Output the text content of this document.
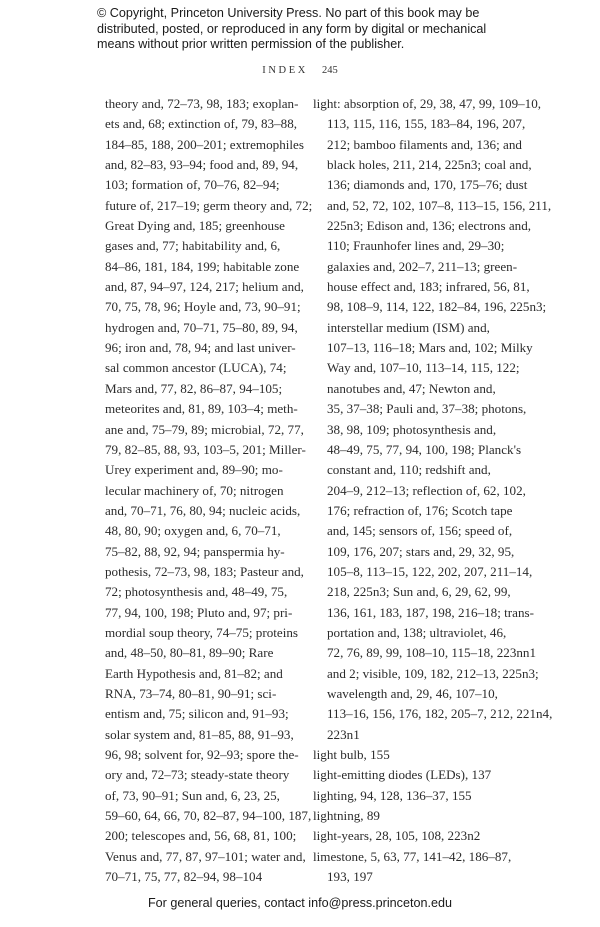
© Copyright, Princeton University Press. No part of this book may be
distributed, posted, or reproduced in any form by digital or mechanical
means without prior written permission of the publisher.
INDEX 245
theory and, 72–73, 98, 183; exoplan-
ets and, 68; extinction of, 79, 83–88,
184–85, 188, 200–201; extremophiles
and, 82–83, 93–94; food and, 89, 94,
103; formation of, 70–76, 82–94;
future of, 217–19; germ theory and, 72;
Great Dying and, 185; greenhouse
gases and, 77; habitability and, 6,
84–86, 181, 184, 199; habitable zone
and, 87, 94–97, 124, 217; helium and,
70, 75, 78, 96; Hoyle and, 73, 90–91;
hydrogen and, 70–71, 75–80, 89, 94,
96; iron and, 78, 94; and last univer-
sal common ancestor (LUCA), 74;
Mars and, 77, 82, 86–87, 94–105;
meteorites and, 81, 89, 103–4; meth-
ane and, 75–79, 89; microbial, 72, 77,
79, 82–85, 88, 93, 103–5, 201; Miller-
Urey experiment and, 89–90; mo-
lecular machinery of, 70; nitrogen
and, 70–71, 76, 80, 94; nucleic acids,
48, 80, 90; oxygen and, 6, 70–71,
75–82, 88, 92, 94; panspermia hy-
pothesis, 72–73, 98, 183; Pasteur and,
72; photosynthesis and, 48–49, 75,
77, 94, 100, 198; Pluto and, 97; pri-
mordial soup theory, 74–75; proteins
and, 48–50, 80–81, 89–90; Rare
Earth Hypothesis and, 81–82; and
RNA, 73–74, 80–81, 90–91; sci-
entism and, 75; silicon and, 91–93;
solar system and, 81–85, 88, 91–93,
96, 98; solvent for, 92–93; spore the-
ory and, 72–73; steady-state theory
of, 73, 90–91; Sun and, 6, 23, 25,
59–60, 64, 66, 70, 82–87, 94–100, 187,
200; telescopes and, 56, 68, 81, 100;
Venus and, 77, 87, 97–101; water and,
70–71, 75, 77, 82–94, 98–104
light: absorption of, 29, 38, 47, 99, 109–10,
113, 115, 116, 155, 183–84, 196, 207,
212; bamboo filaments and, 136; and
black holes, 211, 214, 225n3; coal and,
136; diamonds and, 170, 175–76; dust
and, 52, 72, 102, 107–8, 113–15, 156, 211,
225n3; Edison and, 136; electrons and,
110; Fraunhofer lines and, 29–30;
galaxies and, 202–7, 211–13; green-
house effect and, 183; infrared, 56, 81,
98, 108–9, 114, 122, 182–84, 196, 225n3;
interstellar medium (ISM) and,
107–13, 116–18; Mars and, 102; Milky
Way and, 107–10, 113–14, 115, 122;
nanotubes and, 47; Newton and,
35, 37–38; Pauli and, 37–38; photons,
38, 98, 109; photosynthesis and,
48–49, 75, 77, 94, 100, 198; Planck's
constant and, 110; redshift and,
204–9, 212–13; reflection of, 62, 102,
176; refraction of, 176; Scotch tape
and, 145; sensors of, 156; speed of,
109, 176, 207; stars and, 29, 32, 95,
105–8, 113–15, 122, 202, 207, 211–14,
218, 225n3; Sun and, 6, 29, 62, 99,
136, 161, 183, 187, 198, 216–18; trans-
portation and, 138; ultraviolet, 46,
72, 76, 89, 99, 108–10, 115–18, 223nn1
and 2; visible, 109, 182, 212–13, 225n3;
wavelength and, 29, 46, 107–10,
113–16, 156, 176, 182, 205–7, 212, 221n4,
223n1
light bulb, 155
light-emitting diodes (LEDs), 137
lighting, 94, 128, 136–37, 155
lightning, 89
light-years, 28, 105, 108, 223n2
limestone, 5, 63, 77, 141–42, 186–87,
193, 197
For general queries, contact info@press.princeton.edu
